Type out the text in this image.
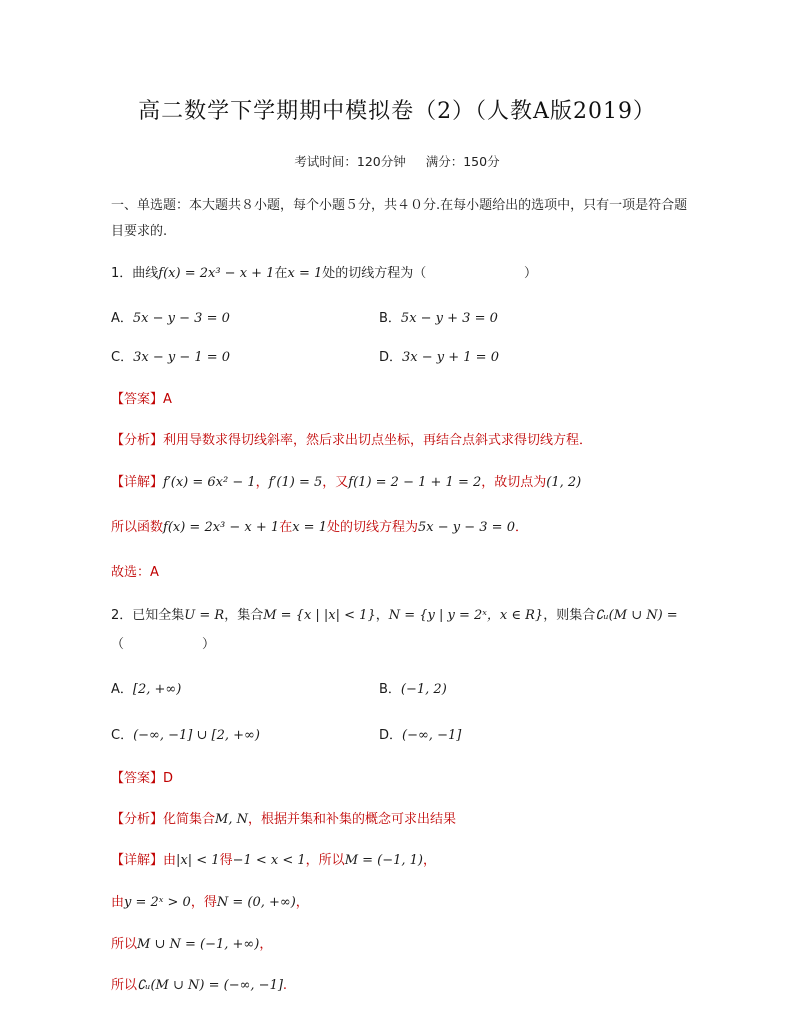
高二数学下学期期中模拟卷（2）（人教A版2019）
考试时间：120分钟 满分：150分
一、单选题：本大题共８小题，每个小题５分，共４０分.在每小题给出的选项中，只有一项是符合题目要求的.
1．曲线f(x) = 2x³ − x + 1在x = 1处的切线方程为（	）
A．5x − y − 3 = 0	B．5x − y + 3 = 0
C．3x − y − 1 = 0	D．3x − y + 1 = 0
【答案】A
【分析】利用导数求得切线斜率，然后求出切点坐标，再结合点斜式求得切线方程．
【详解】f′(x) = 6x² − 1，f′(1) = 5，又f(1) = 2 − 1 + 1 = 2，故切点为(1, 2)
所以函数f(x) = 2x³ − x + 1在x = 1处的切线方程为5x − y − 3 = 0．
故选：A
2．已知全集U = R，集合M = {x | |x| < 1}，N = {y | y = 2ˣ，x ∈ R}，则集合∁ᵤ(M ∪ N) =
（　　　　　　）
A．[2, +∞)	B．(−1, 2)
C．(−∞, −1] ∪ [2, +∞)	D．(−∞, −1]
【答案】D
【分析】化简集合M, N，根据并集和补集的概念可求出结果
【详解】由|x| < 1得−1 < x < 1，所以M = (−1, 1)，
由y = 2ˣ > 0，得N = (0, +∞)，
所以M ∪ N = (−1, +∞)，
所以∁ᵤ(M ∪ N) = (−∞, −1].
